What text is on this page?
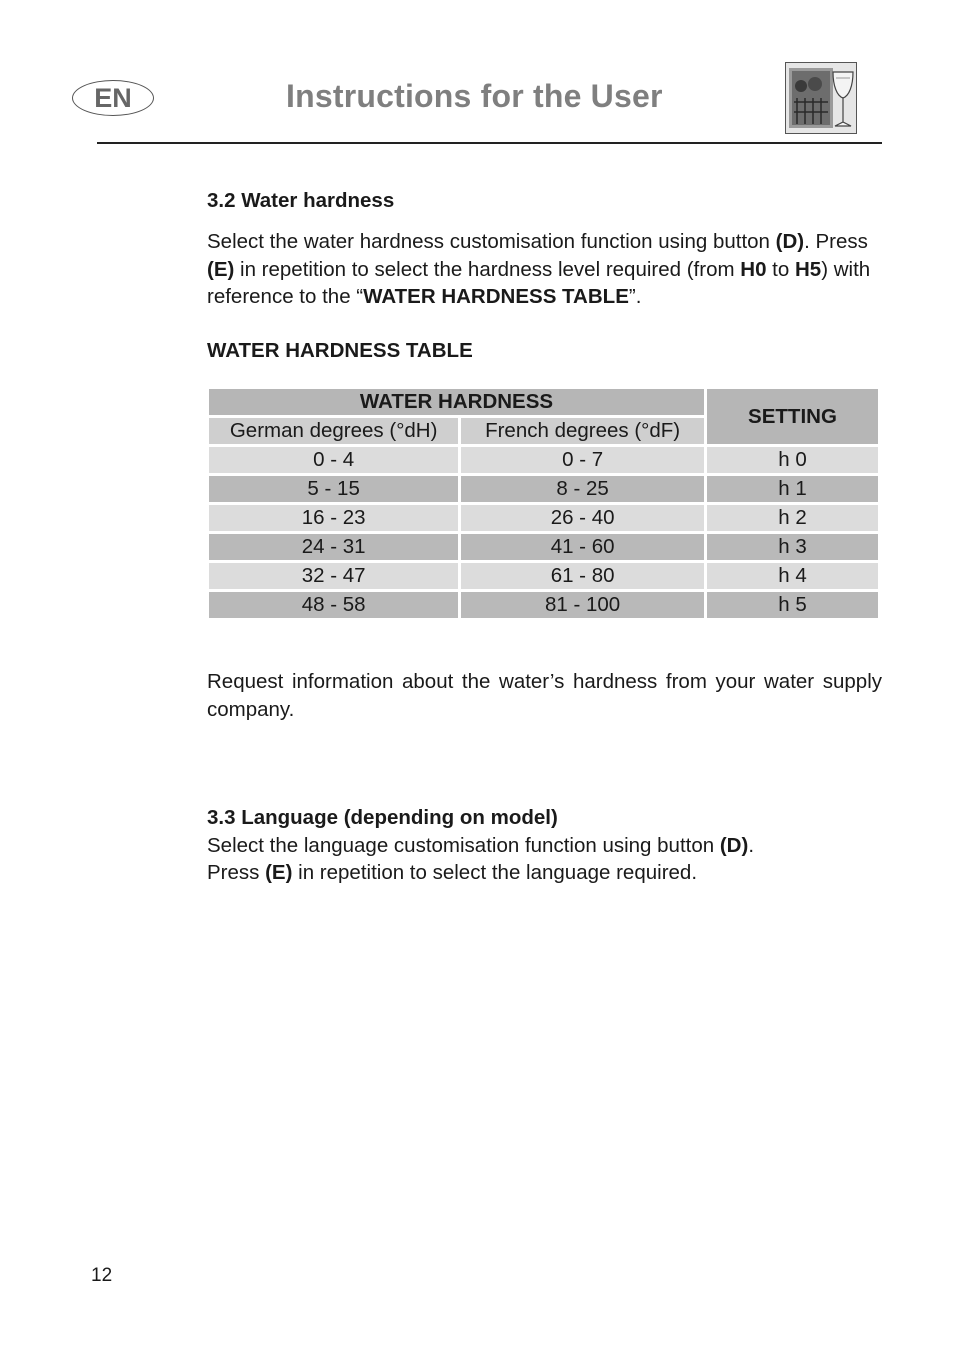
EN	Instructions for the User
3.2 Water hardness

Select the water hardness customisation function using button (D). Press (E) in repetition to select the hardness level required (from H0 to H5) with reference to the “WATER HARDNESS TABLE”.

WATER HARDNESS TABLE
WATER HARDNESS		SETTING
German degrees (°dH)	French degrees (°dF)	
0 - 4	0 - 7	h 0
5 - 15	8 - 25	h 1
16 - 23	26 - 40	h 2
24 - 31	41 - 60	h 3
32 - 47	61 - 80	h 4
48 - 58	81 - 100	h 5

Request information about the water’s hardness from your water supply company.

3.3 Language (depending on model)

Select the language customisation function using button (D).

Press (E) in repetition to select the language required.

12
